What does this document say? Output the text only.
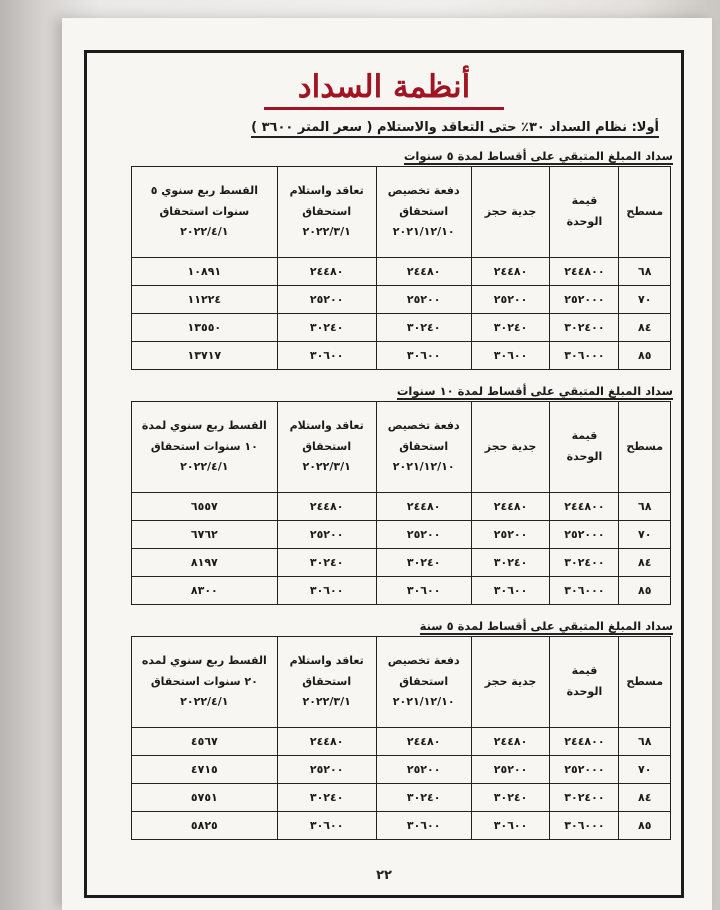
أنظمة السداد
أولا: نظام السداد ٣٠٪ حتى التعاقد والاستلام ( سعر المتر ٣٦٠٠ )
سداد المبلغ المتبقي على أقساط لمدة ٥ سنوات
مسطح	قيمة الوحدة	جدية حجز	دفعة تخصيص استحقاق ٢٠٢١/١٢/١٠	تعاقد واستلام استحقاق ٢٠٢٢/٣/١	القسط ربع سنوي ٥ سنوات استحقاق ٢٠٢٢/٤/١
٦٨	٢٤٤٨٠٠	٢٤٤٨٠	٢٤٤٨٠	٢٤٤٨٠	١٠٨٩١
٧٠	٢٥٢٠٠٠	٢٥٢٠٠	٢٥٢٠٠	٢٥٢٠٠	١١٢٢٤
٨٤	٣٠٢٤٠٠	٣٠٢٤٠	٣٠٢٤٠	٣٠٢٤٠	١٣٥٥٠
٨٥	٣٠٦٠٠٠	٣٠٦٠٠	٣٠٦٠٠	٣٠٦٠٠	١٣٧١٧
سداد المبلغ المتبقي على أقساط لمدة ١٠ سنوات
مسطح	قيمة الوحدة	جدية حجز	دفعة تخصيص استحقاق ٢٠٢١/١٢/١٠	تعاقد واستلام استحقاق ٢٠٢٢/٣/١	القسط ربع سنوي لمدة ١٠ سنوات استحقاق ٢٠٢٢/٤/١
٦٨	٢٤٤٨٠٠	٢٤٤٨٠	٢٤٤٨٠	٢٤٤٨٠	٦٥٥٧
٧٠	٢٥٢٠٠٠	٢٥٢٠٠	٢٥٢٠٠	٢٥٢٠٠	٦٧٦٢
٨٤	٣٠٢٤٠٠	٣٠٢٤٠	٣٠٢٤٠	٣٠٢٤٠	٨١٩٧
٨٥	٣٠٦٠٠٠	٣٠٦٠٠	٣٠٦٠٠	٣٠٦٠٠	٨٣٠٠
سداد المبلغ المتبقي على أقساط لمدة ٥ سنة
مسطح	قيمة الوحدة	جدية حجز	دفعة تخصيص استحقاق ٢٠٢١/١٢/١٠	تعاقد واستلام استحقاق ٢٠٢٢/٣/١	القسط ربع سنوي لمده ٢٠ سنوات استحقاق ٢٠٢٢/٤/١
٦٨	٢٤٤٨٠٠	٢٤٤٨٠	٢٤٤٨٠	٢٤٤٨٠	٤٥٦٧
٧٠	٢٥٢٠٠٠	٢٥٢٠٠	٢٥٢٠٠	٢٥٢٠٠	٤٧١٥
٨٤	٣٠٢٤٠٠	٣٠٢٤٠	٣٠٢٤٠	٣٠٢٤٠	٥٧٥١
٨٥	٣٠٦٠٠٠	٣٠٦٠٠	٣٠٦٠٠	٣٠٦٠٠	٥٨٢٥
٢٢
